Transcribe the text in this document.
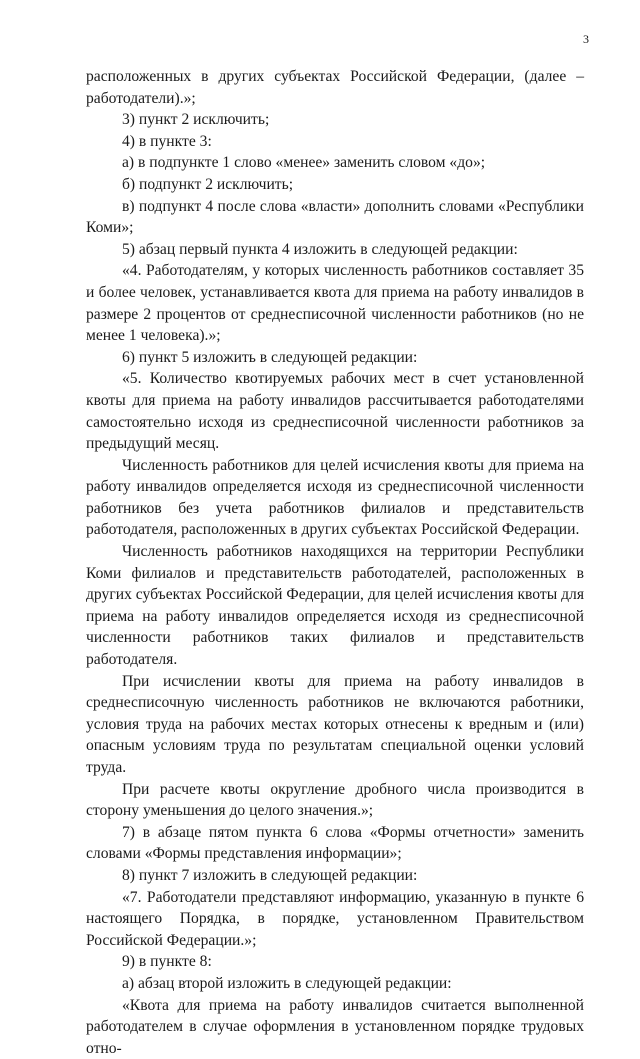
3

расположенных в других субъектах Российской Федерации, (далее – работодатели).»;

3) пункт 2 исключить;

4) в пункте 3:

а) в подпункте 1 слово «менее» заменить словом «до»;

б) подпункт 2 исключить;

в) подпункт 4 после слова «власти» дополнить словами «Республики Коми»;

5) абзац первый пункта 4 изложить в следующей редакции:

«4. Работодателям, у которых численность работников составляет 35 и более человек, устанавливается квота для приема на работу инвалидов в размере 2 процентов от среднесписочной численности работников (но не менее 1 человека).»;

6) пункт 5 изложить в следующей редакции:

«5. Количество квотируемых рабочих мест в счет установленной квоты для приема на работу инвалидов рассчитывается работодателями самостоятельно исходя из среднесписочной численности работников за предыдущий месяц.

Численность работников для целей исчисления квоты для приема на работу инвалидов определяется исходя из среднесписочной численности работников без учета работников филиалов и представительств работодателя, расположенных в других субъектах Российской Федерации.

Численность работников находящихся на территории Республики Коми филиалов и представительств работодателей, расположенных в других субъектах Российской Федерации, для целей исчисления квоты для приема на работу инвалидов определяется исходя из среднесписочной численности работников таких филиалов и представительств работодателя.

При исчислении квоты для приема на работу инвалидов в среднесписочную численность работников не включаются работники, условия труда на рабочих местах которых отнесены к вредным и (или) опасным условиям труда по результатам специальной оценки условий труда.

При расчете квоты округление дробного числа производится в сторону уменьшения до целого значения.»;

7) в абзаце пятом пункта 6 слова «Формы отчетности» заменить словами «Формы представления информации»;

8) пункт 7 изложить в следующей редакции:

«7. Работодатели представляют информацию, указанную в пункте 6 настоящего Порядка, в порядке, установленном Правительством Российской Федерации.»;

9) в пункте 8:

а) абзац второй изложить в следующей редакции:

«Квота для приема на работу инвалидов считается выполненной работодателем в случае оформления в установленном порядке трудовых отно-
